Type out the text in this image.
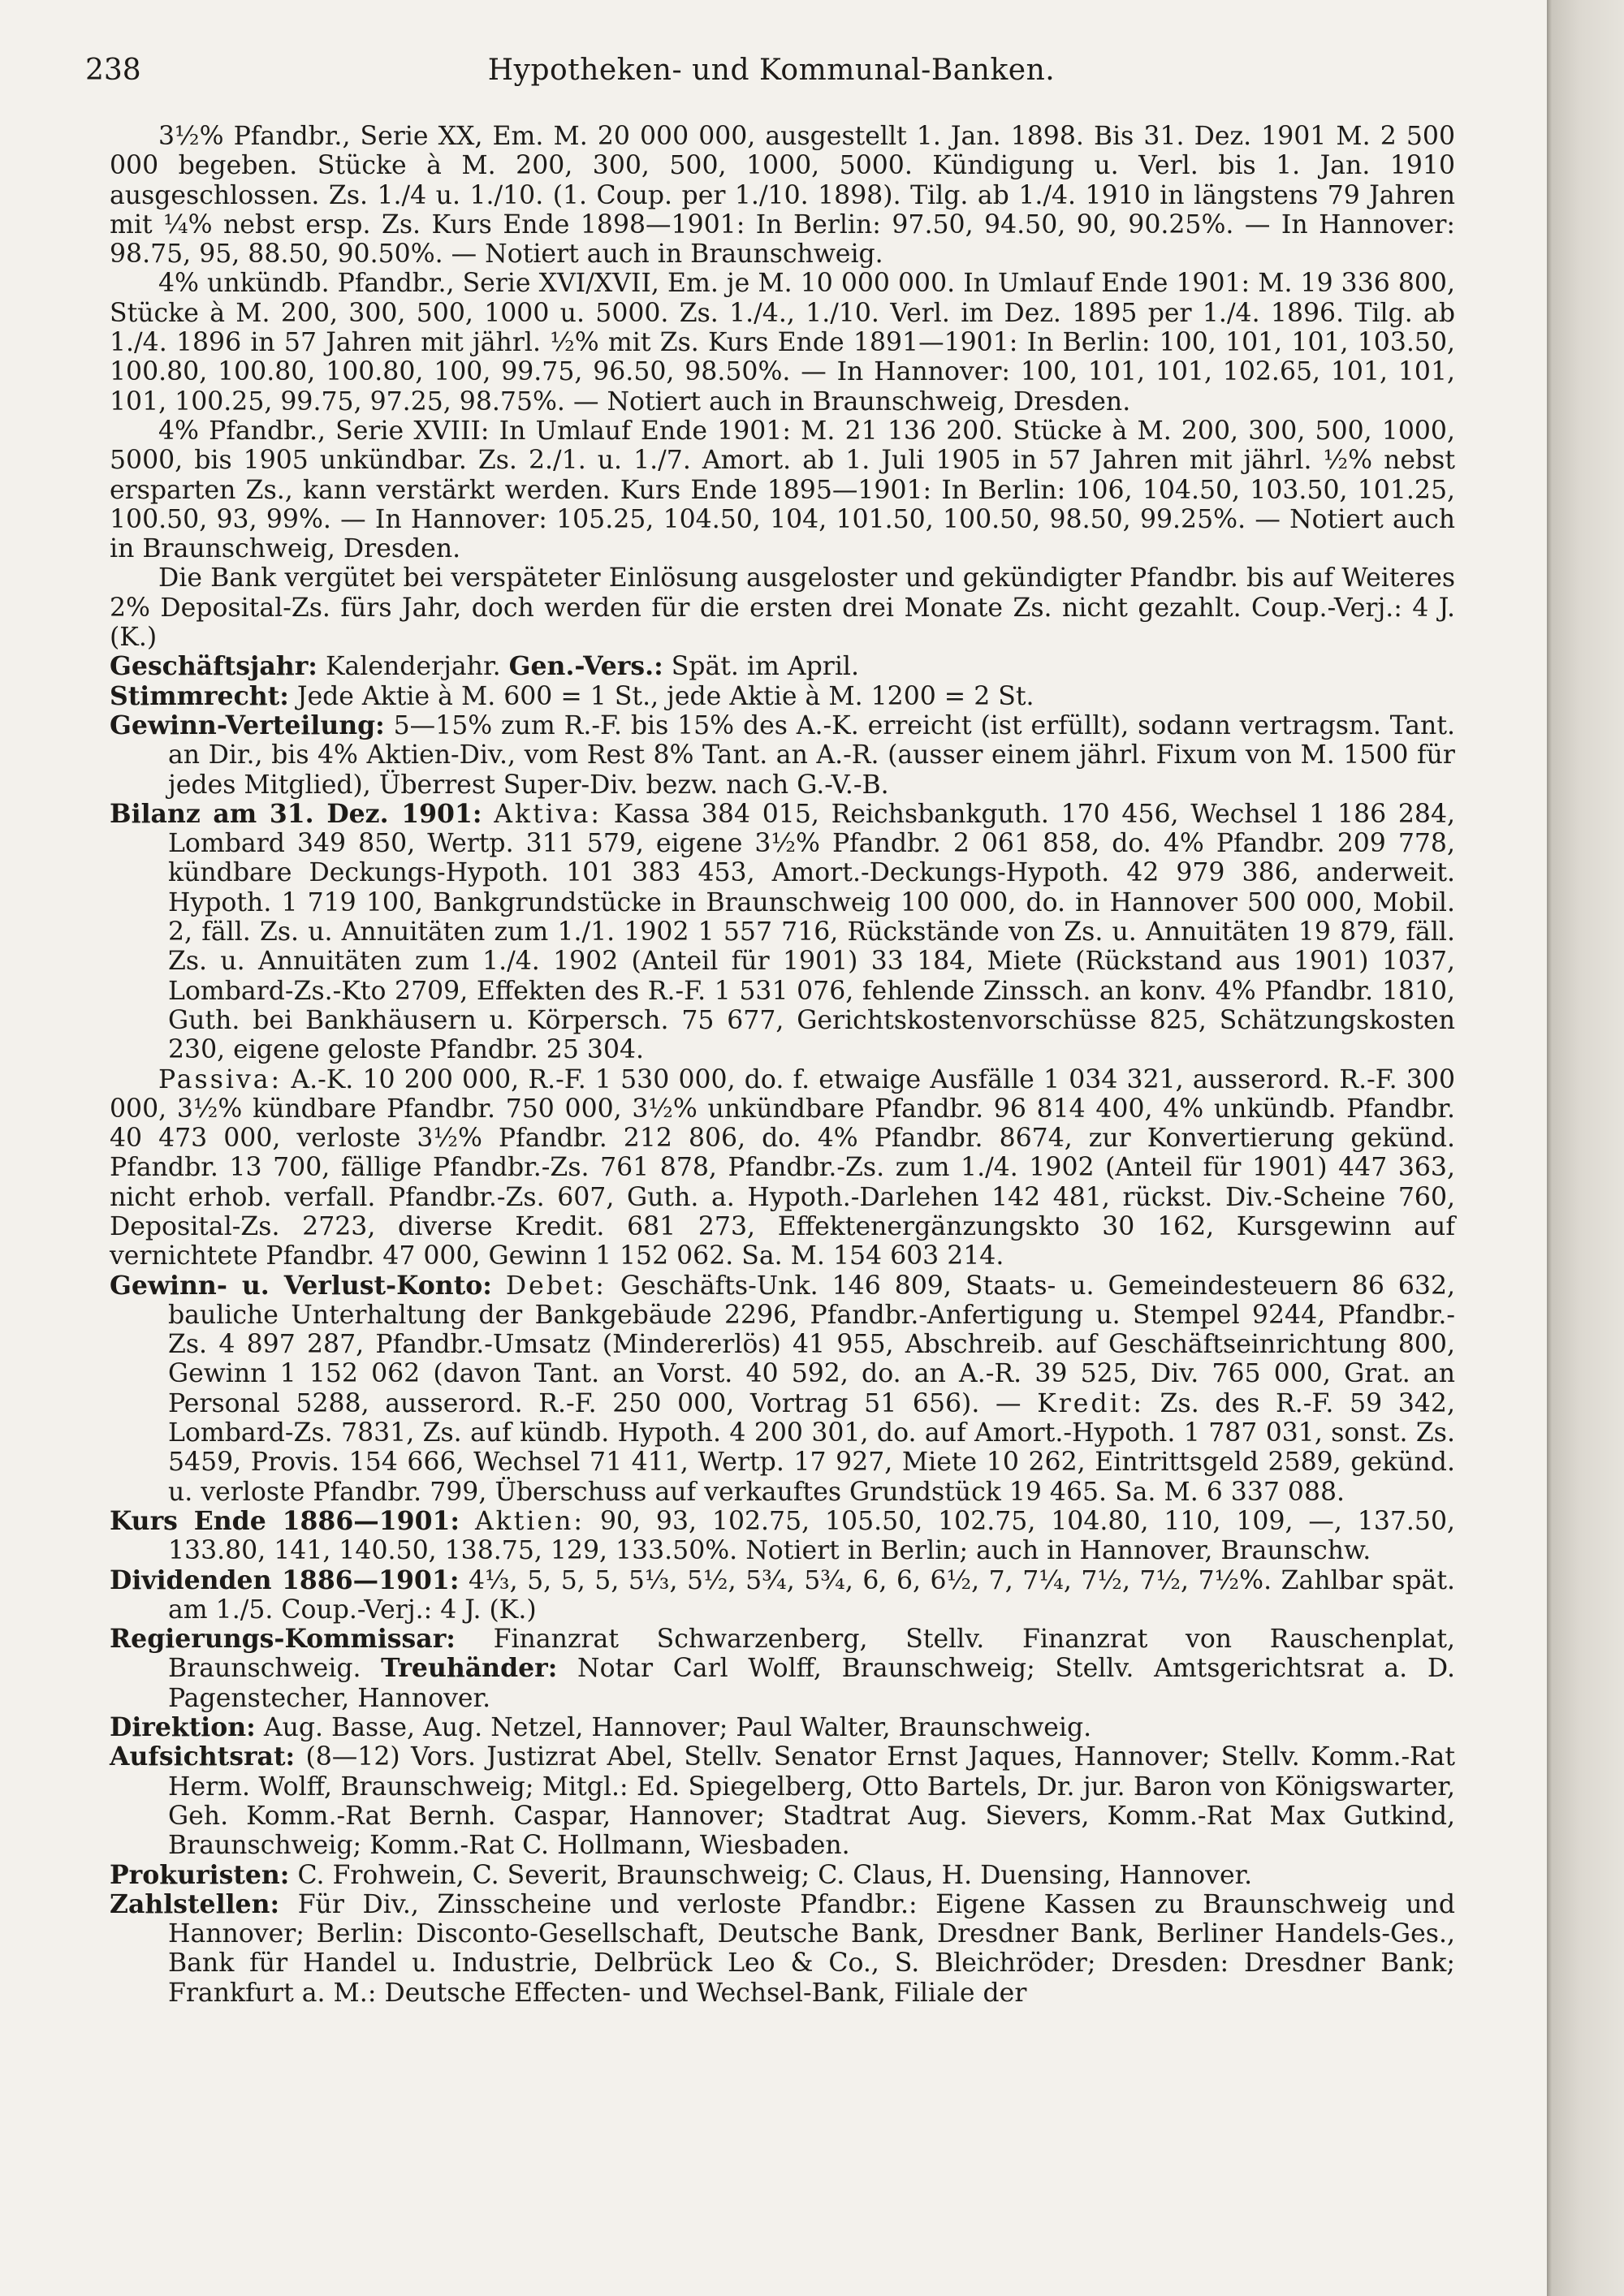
238	Hypotheken- und Kommunal-Banken.

3½% Pfandbr., Serie XX, Em. M. 20 000 000, ausgestellt 1. Jan. 1898. Bis 31. Dez. 1901 M. 2 500 000 begeben. Stücke à M. 200, 300, 500, 1000, 5000. Kündigung u. Verl. bis 1. Jan. 1910 ausgeschlossen. Zs. 1./4 u. 1./10. (1. Coup. per 1./10. 1898). Tilg. ab 1./4. 1910 in längstens 79 Jahren mit ¼% nebst ersp. Zs. Kurs Ende 1898—1901: In Berlin: 97.50, 94.50, 90, 90.25%. — In Hannover: 98.75, 95, 88.50, 90.50%. — Notiert auch in Braunschweig.

4% unkündb. Pfandbr., Serie XVI/XVII, Em. je M. 10 000 000. In Umlauf Ende 1901: M. 19 336 800, Stücke à M. 200, 300, 500, 1000 u. 5000. Zs. 1./4., 1./10. Verl. im Dez. 1895 per 1./4. 1896. Tilg. ab 1./4. 1896 in 57 Jahren mit jährl. ½% mit Zs. Kurs Ende 1891—1901: In Berlin: 100, 101, 101, 103.50, 100.80, 100.80, 100.80, 100, 99.75, 96.50, 98.50%. — In Hannover: 100, 101, 101, 102.65, 101, 101, 101, 100.25, 99.75, 97.25, 98.75%. — Notiert auch in Braunschweig, Dresden.

4% Pfandbr., Serie XVIII: In Umlauf Ende 1901: M. 21 136 200. Stücke à M. 200, 300, 500, 1000, 5000, bis 1905 unkündbar. Zs. 2./1. u. 1./7. Amort. ab 1. Juli 1905 in 57 Jahren mit jährl. ½% nebst ersparten Zs., kann verstärkt werden. Kurs Ende 1895—1901: In Berlin: 106, 104.50, 103.50, 101.25, 100.50, 93, 99%. — In Hannover: 105.25, 104.50, 104, 101.50, 100.50, 98.50, 99.25%. — Notiert auch in Braunschweig, Dresden.

Die Bank vergütet bei verspäteter Einlösung ausgeloster und gekündigter Pfandbr. bis auf Weiteres 2% Deposital-Zs. fürs Jahr, doch werden für die ersten drei Monate Zs. nicht gezahlt. Coup.-Verj.: 4 J. (K.)

Geschäftsjahr: Kalenderjahr. Gen.-Vers.: Spät. im April.

Stimmrecht: Jede Aktie à M. 600 = 1 St., jede Aktie à M. 1200 = 2 St.

Gewinn-Verteilung: 5—15% zum R.-F. bis 15% des A.-K. erreicht (ist erfüllt), sodann vertragsm. Tant. an Dir., bis 4% Aktien-Div., vom Rest 8% Tant. an A.-R. (ausser einem jährl. Fixum von M. 1500 für jedes Mitglied), Überrest Super-Div. bezw. nach G.-V.-B.

Bilanz am 31. Dez. 1901: Aktiva: Kassa 384 015, Reichsbankguth. 170 456, Wechsel 1 186 284, Lombard 349 850, Wertp. 311 579, eigene 3½% Pfandbr. 2 061 858, do. 4% Pfandbr. 209 778, kündbare Deckungs-Hypoth. 101 383 453, Amort.-Deckungs-Hypoth. 42 979 386, anderweit. Hypoth. 1 719 100, Bankgrundstücke in Braunschweig 100 000, do. in Hannover 500 000, Mobil. 2, fäll. Zs. u. Annuitäten zum 1./1. 1902 1 557 716, Rückstände von Zs. u. Annuitäten 19 879, fäll. Zs. u. Annuitäten zum 1./4. 1902 (Anteil für 1901) 33 184, Miete (Rückstand aus 1901) 1037, Lombard-Zs.-Kto 2709, Effekten des R.-F. 1 531 076, fehlende Zinssch. an konv. 4% Pfandbr. 1810, Guth. bei Bankhäusern u. Körpersch. 75 677, Gerichtskostenvorschüsse 825, Schätzungskosten 230, eigene geloste Pfandbr. 25 304.

Passiva: A.-K. 10 200 000, R.-F. 1 530 000, do. f. etwaige Ausfälle 1 034 321, ausserord. R.-F. 300 000, 3½% kündbare Pfandbr. 750 000, 3½% unkündbare Pfandbr. 96 814 400, 4% unkündb. Pfandbr. 40 473 000, verloste 3½% Pfandbr. 212 806, do. 4% Pfandbr. 8674, zur Konvertierung gekünd. Pfandbr. 13 700, fällige Pfandbr.-Zs. 761 878, Pfandbr.-Zs. zum 1./4. 1902 (Anteil für 1901) 447 363, nicht erhob. verfall. Pfandbr.-Zs. 607, Guth. a. Hypoth.-Darlehen 142 481, rückst. Div.-Scheine 760, Deposital-Zs. 2723, diverse Kredit. 681 273, Effektenergänzungskto 30 162, Kursgewinn auf vernichtete Pfandbr. 47 000, Gewinn 1 152 062. Sa. M. 154 603 214.

Gewinn- u. Verlust-Konto: Debet: Geschäfts-Unk. 146 809, Staats- u. Gemeindesteuern 86 632, bauliche Unterhaltung der Bankgebäude 2296, Pfandbr.-Anfertigung u. Stempel 9244, Pfandbr.-Zs. 4 897 287, Pfandbr.-Umsatz (Mindererlös) 41 955, Abschreib. auf Geschäftseinrichtung 800, Gewinn 1 152 062 (davon Tant. an Vorst. 40 592, do. an A.-R. 39 525, Div. 765 000, Grat. an Personal 5288, ausserord. R.-F. 250 000, Vortrag 51 656). — Kredit: Zs. des R.-F. 59 342, Lombard-Zs. 7831, Zs. auf kündb. Hypoth. 4 200 301, do. auf Amort.-Hypoth. 1 787 031, sonst. Zs. 5459, Provis. 154 666, Wechsel 71 411, Wertp. 17 927, Miete 10 262, Eintrittsgeld 2589, gekünd. u. verloste Pfandbr. 799, Überschuss auf verkauftes Grundstück 19 465. Sa. M. 6 337 088.

Kurs Ende 1886—1901: Aktien: 90, 93, 102.75, 105.50, 102.75, 104.80, 110, 109, —, 137.50, 133.80, 141, 140.50, 138.75, 129, 133.50%. Notiert in Berlin; auch in Hannover, Braunschw.

Dividenden 1886—1901: 4⅓, 5, 5, 5, 5⅓, 5½, 5¾, 5¾, 6, 6, 6½, 7, 7¼, 7½, 7½, 7½%. Zahlbar spät. am 1./5. Coup.-Verj.: 4 J. (K.)

Regierungs-Kommissar: Finanzrat Schwarzenberg, Stellv. Finanzrat von Rauschenplat, Braunschweig. Treuhänder: Notar Carl Wolff, Braunschweig; Stellv. Amtsgerichtsrat a. D. Pagenstecher, Hannover.

Direktion: Aug. Basse, Aug. Netzel, Hannover; Paul Walter, Braunschweig.

Aufsichtsrat: (8—12) Vors. Justizrat Abel, Stellv. Senator Ernst Jaques, Hannover; Stellv. Komm.-Rat Herm. Wolff, Braunschweig; Mitgl.: Ed. Spiegelberg, Otto Bartels, Dr. jur. Baron von Königswarter, Geh. Komm.-Rat Bernh. Caspar, Hannover; Stadtrat Aug. Sievers, Komm.-Rat Max Gutkind, Braunschweig; Komm.-Rat C. Hollmann, Wiesbaden.

Prokuristen: C. Frohwein, C. Severit, Braunschweig; C. Claus, H. Duensing, Hannover.

Zahlstellen: Für Div., Zinsscheine und verloste Pfandbr.: Eigene Kassen zu Braunschweig und Hannover; Berlin: Disconto-Gesellschaft, Deutsche Bank, Dresdner Bank, Berliner Handels-Ges., Bank für Handel u. Industrie, Delbrück Leo & Co., S. Bleichröder; Dresden: Dresdner Bank; Frankfurt a. M.: Deutsche Effecten- und Wechsel-Bank, Filiale der
